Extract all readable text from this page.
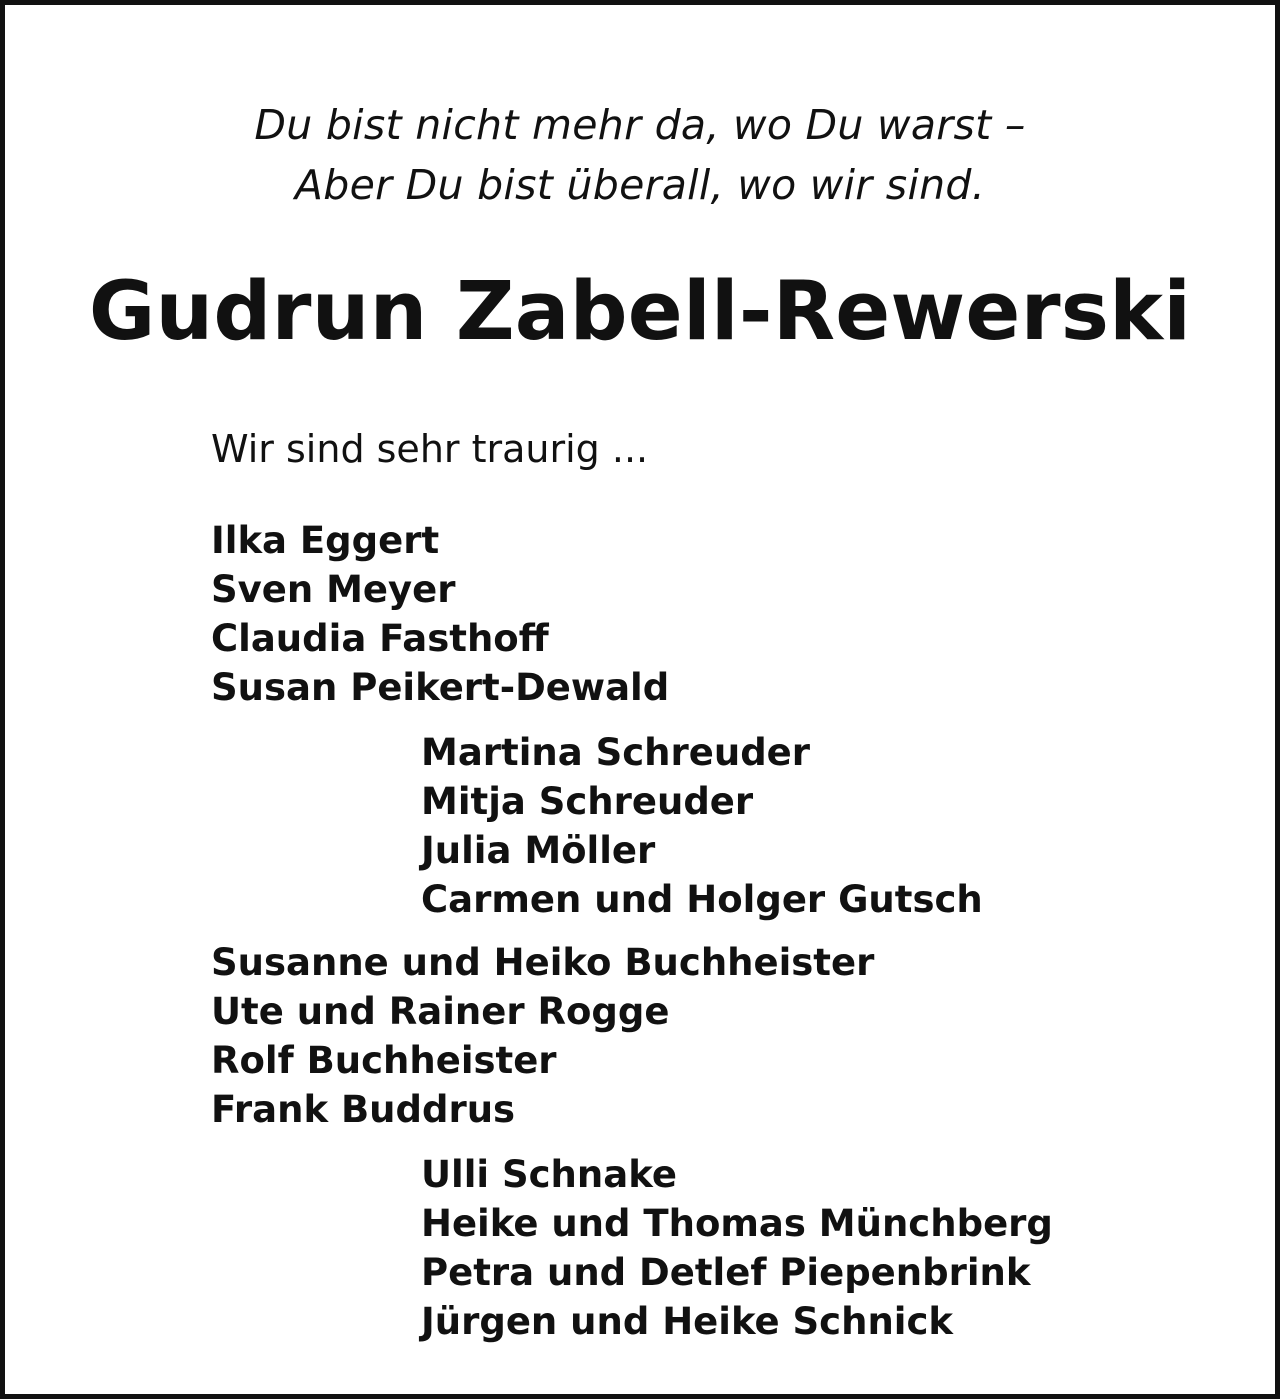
Du bist nicht mehr da, wo Du warst –
Aber Du bist überall, wo wir sind.
Gudrun Zabell-Rewerski
Wir sind sehr traurig ...
Ilka Eggert
Sven Meyer
Claudia Fasthoff
Susan Peikert-Dewald
Martina Schreuder
Mitja Schreuder
Julia Möller
Carmen und Holger Gutsch
Susanne und Heiko Buchheister
Ute und Rainer Rogge
Rolf Buchheister
Frank Buddrus
Ulli Schnake
Heike und Thomas Münchberg
Petra und Detlef Piepenbrink
Jürgen und Heike Schnick
